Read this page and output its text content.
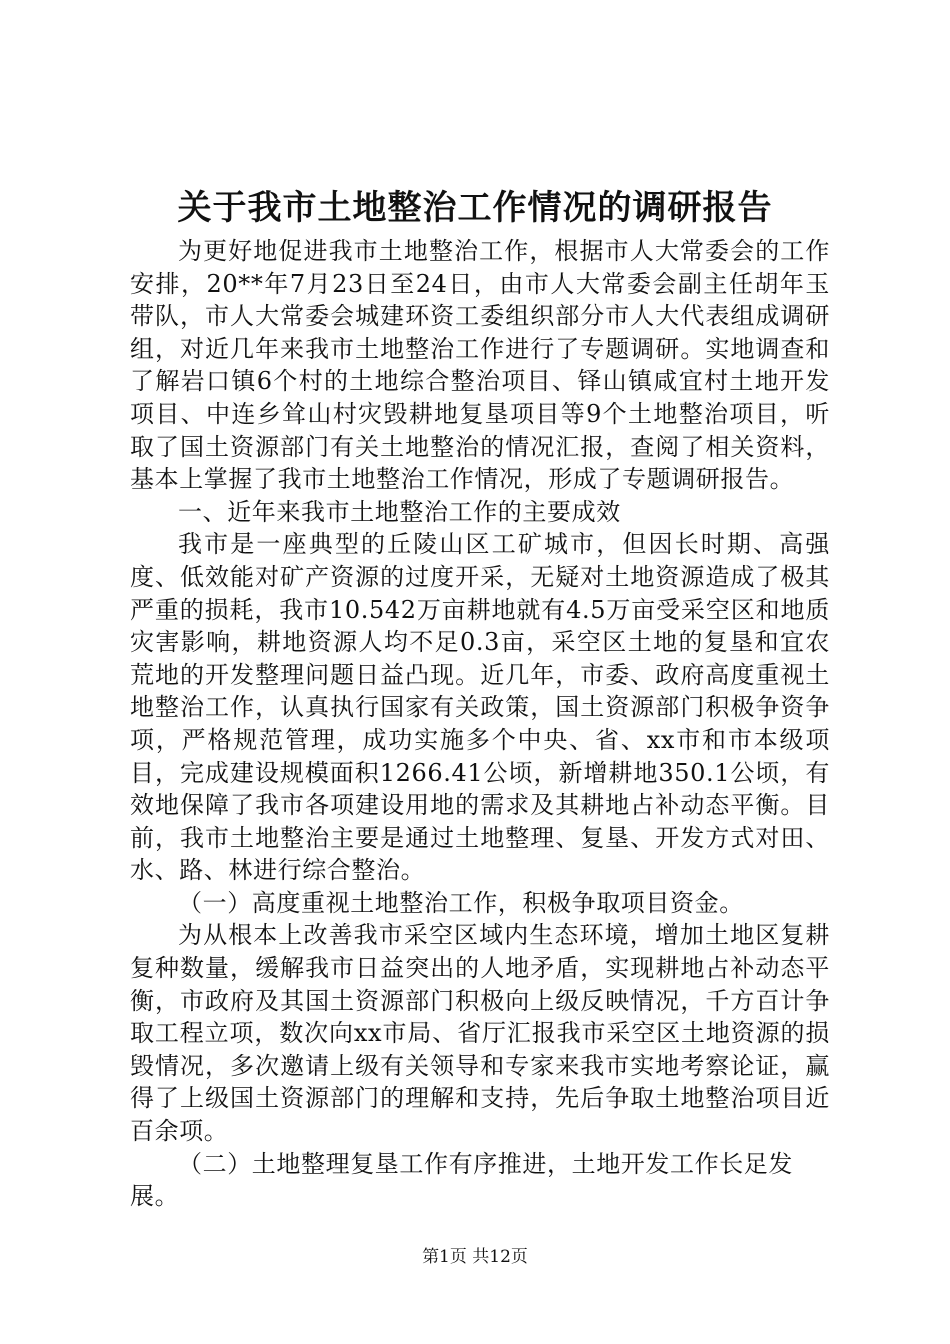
关于我市土地整治工作情况的调研报告

为更好地促进我市土地整治工作，根据市人大常委会的工作安排，20**年7月23日至24日，由市人大常委会副主任胡年玉带队，市人大常委会城建环资工委组织部分市人大代表组成调研组，对近几年来我市土地整治工作进行了专题调研。实地调查和了解岩口镇6个村的土地综合整治项目、铎山镇咸宜村土地开发项目、中连乡耸山村灾毁耕地复垦项目等9个土地整治项目，听取了国土资源部门有关土地整治的情况汇报，查阅了相关资料，基本上掌握了我市土地整治工作情况，形成了专题调研报告。

一、近年来我市土地整治工作的主要成效

我市是一座典型的丘陵山区工矿城市，但因长时期、高强度、低效能对矿产资源的过度开采，无疑对土地资源造成了极其严重的损耗，我市10.542万亩耕地就有4.5万亩受采空区和地质灾害影响，耕地资源人均不足0.3亩，采空区土地的复垦和宜农荒地的开发整理问题日益凸现。近几年，市委、政府高度重视土地整治工作，认真执行国家有关政策，国土资源部门积极争资争项，严格规范管理，成功实施多个中央、省、xx市和市本级项目，完成建设规模面积1266.41公顷，新增耕地350.1公顷，有效地保障了我市各项建设用地的需求及其耕地占补动态平衡。目前，我市土地整治主要是通过土地整理、复垦、开发方式对田、水、路、林进行综合整治。

（一）高度重视土地整治工作，积极争取项目资金。

为从根本上改善我市采空区域内生态环境，增加土地区复耕复种数量，缓解我市日益突出的人地矛盾，实现耕地占补动态平衡，市政府及其国土资源部门积极向上级反映情况，千方百计争取工程立项，数次向xx市局、省厅汇报我市采空区土地资源的损毁情况，多次邀请上级有关领导和专家来我市实地考察论证，赢得了上级国土资源部门的理解和支持，先后争取土地整治项目近百余项。

（二）土地整理复垦工作有序推进，土地开发工作长足发展。

第1页 共12页
